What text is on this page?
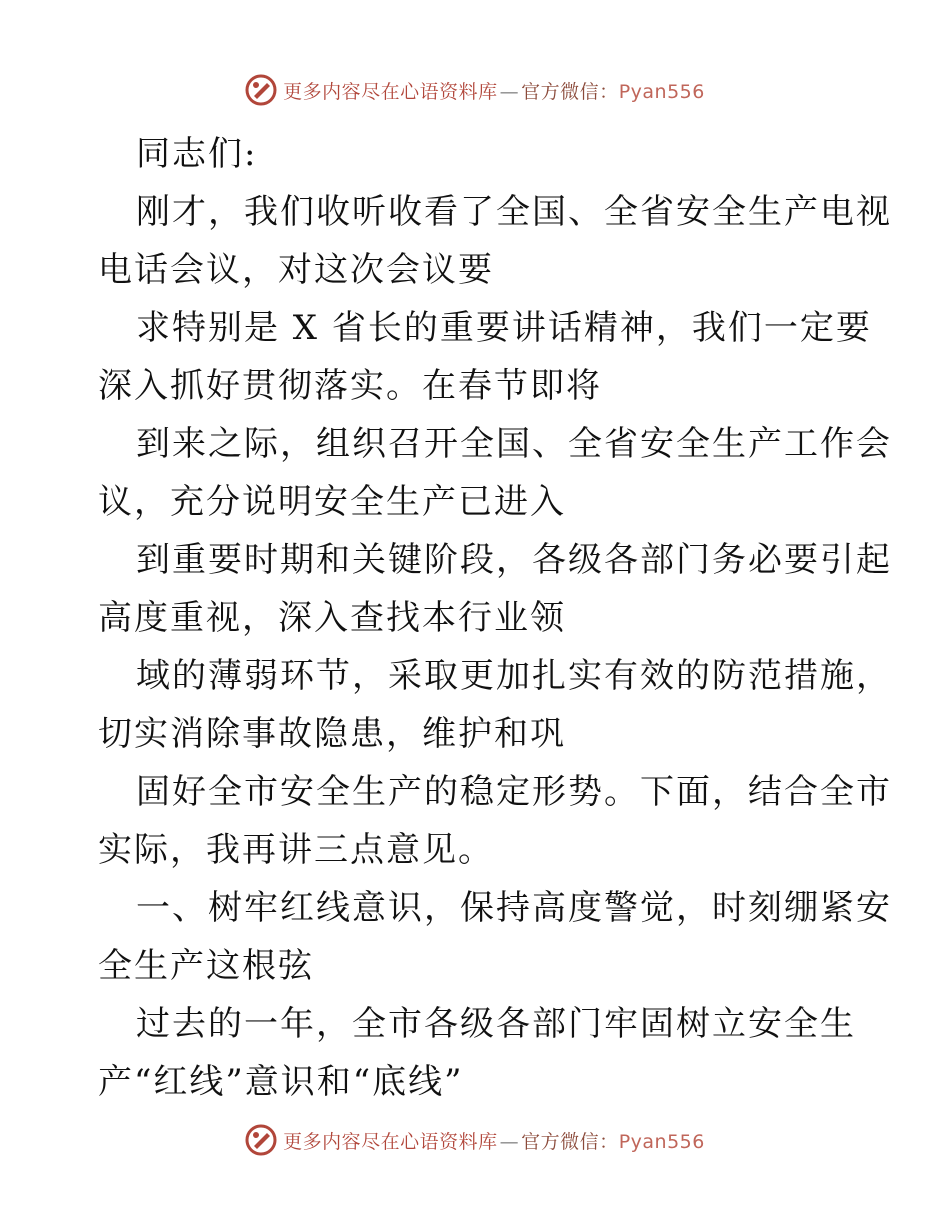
更多内容尽在心语资料库 — 官方微信：Pyan556
同志们:
刚才，我们收听收看了全国、全省安全生产电视
电话会议，对这次会议要
求特别是 X 省长的重要讲话精神，我们一定要
深入抓好贯彻落实。在春节即将
到来之际，组织召开全国、全省安全生产工作会
议，充分说明安全生产已进入
到重要时期和关键阶段，各级各部门务必要引起
高度重视，深入查找本行业领
域的薄弱环节，采取更加扎实有效的防范措施，
切实消除事故隐患，维护和巩
固好全市安全生产的稳定形势。下面，结合全市
实际，我再讲三点意见。
一、树牢红线意识，保持高度警觉，时刻绷紧安
全生产这根弦
过去的一年，全市各级各部门牢固树立安全生
产“红线”意识和“底线”
更多内容尽在心语资料库 — 官方微信：Pyan556
